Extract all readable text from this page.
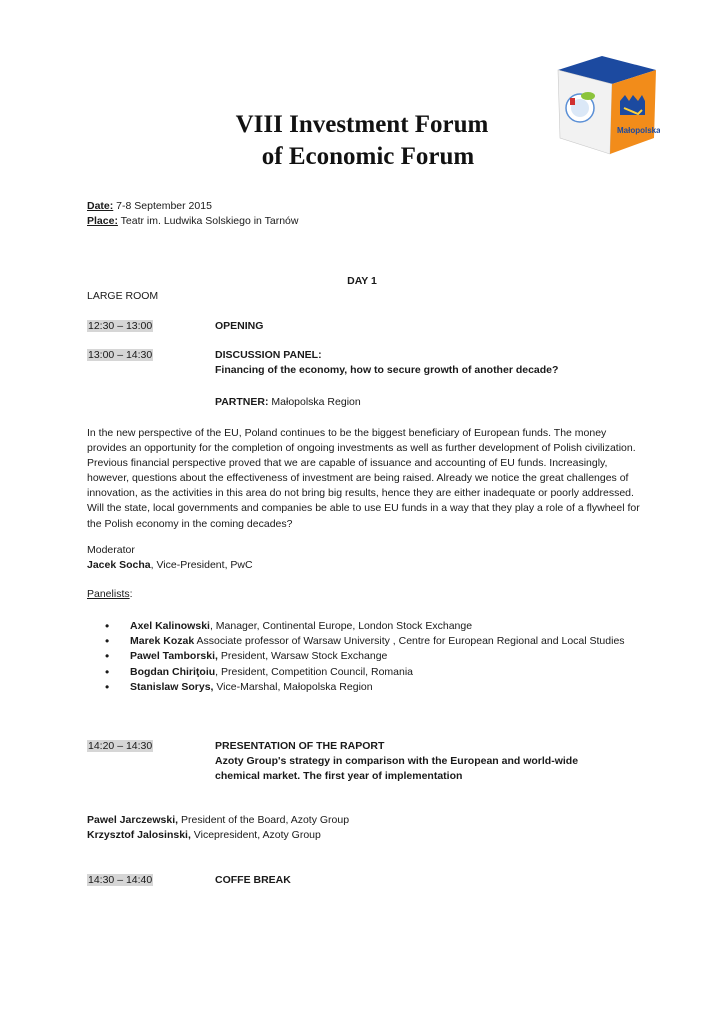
Małopolska
VIII Investment Forum
of Economic Forum
Date: 7-8 September 2015
Place: Teatr im. Ludwika Solskiego in Tarnów
DAY 1
LARGE ROOM
12:30 – 13:00	OPENING
13:00 – 14:30	DISCUSSION PANEL:
Financing of the economy, how to secure growth of another decade?
PARTNER: Małopolska Region
In the new perspective of the EU, Poland continues to be the biggest beneficiary of European funds. The money provides an opportunity for the completion of ongoing investments as well as further development of Polish civilization. Previous financial perspective proved that we are capable of issuance and accounting of EU funds. Increasingly, however, questions about the effectiveness of investment are being raised. Already we notice the great challenges of innovation, as the activities in this area do not bring big results, hence they are either inadequate or poorly addressed. Will the state, local governments and companies be able to use EU funds in a way that they play a role of a flywheel for the Polish economy in the coming decades?
Moderator
Jacek Socha, Vice-President, PwC
Panelists:
• Axel Kalinowski, Manager, Continental Europe, London Stock Exchange
• Marek Kozak Associate professor of Warsaw University , Centre for European Regional and Local Studies
• Pawel Tamborski, President, Warsaw Stock Exchange
• Bogdan Chiriţoiu, President, Competition Council, Romania
• Stanislaw Sorys, Vice-Marshal, Małopolska Region
14:20 – 14:30	PRESENTATION OF THE RAPORT
Azoty Group's strategy in comparison with the European and world-wide
chemical market. The first year of implementation
Pawel Jarczewski, President of the Board, Azoty Group
Krzysztof Jalosinski, Vicepresident, Azoty Group
14:30 – 14:40	COFFE BREAK
